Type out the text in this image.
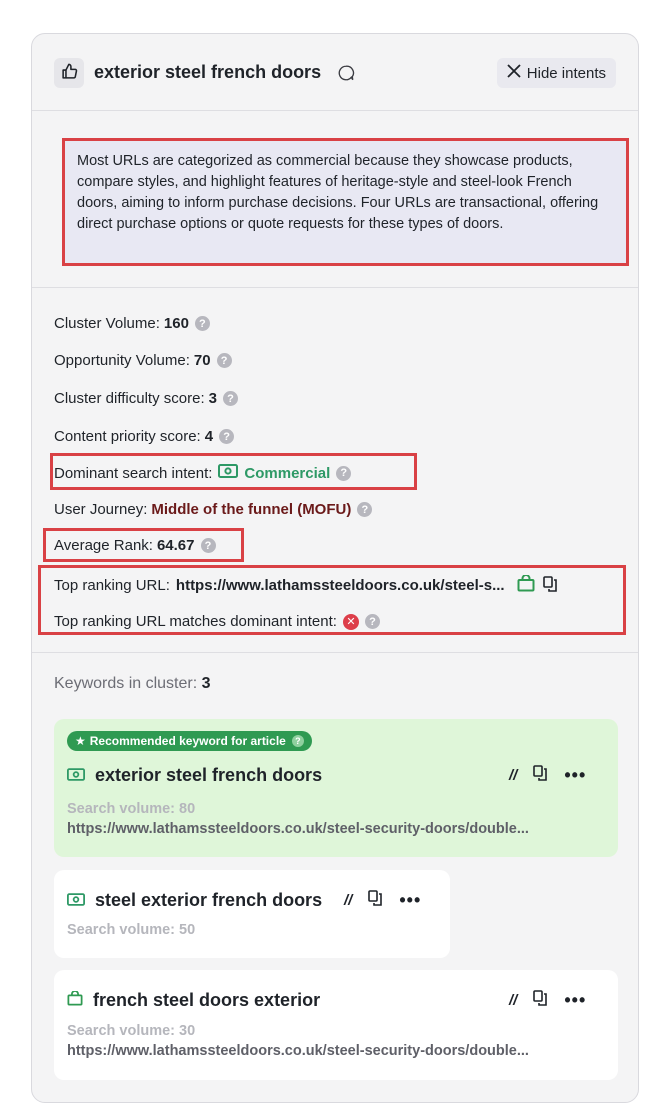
exterior steel french doors	Hide intents
Most URLs are categorized as commercial because they showcase products, compare styles, and highlight features of heritage-style and steel-look French doors, aiming to inform purchase decisions. Four URLs are transactional, offering direct purchase options or quote requests for these types of doors.
Cluster Volume: 160 ?
Opportunity Volume: 70 ?
Cluster difficulty score: 3 ?
Content priority score: 4 ?
Dominant search intent: Commercial ?
User Journey: Middle of the funnel (MOFU) ?
Average Rank: 64.67 ?
Top ranking URL: https://www.lathamssteeldoors.co.uk/steel-s...
Top ranking URL matches dominant intent: ✕	?
Keywords in cluster: 3
★ Recommended keyword for article	?
exterior steel french doors	//	•••
Search volume: 80
https://www.lathamssteeldoors.co.uk/steel-security-doors/double...
steel exterior french doors //	•••
Search volume: 50
french steel doors exterior	//	•••
Search volume: 30
https://www.lathamssteeldoors.co.uk/steel-security-doors/double...
